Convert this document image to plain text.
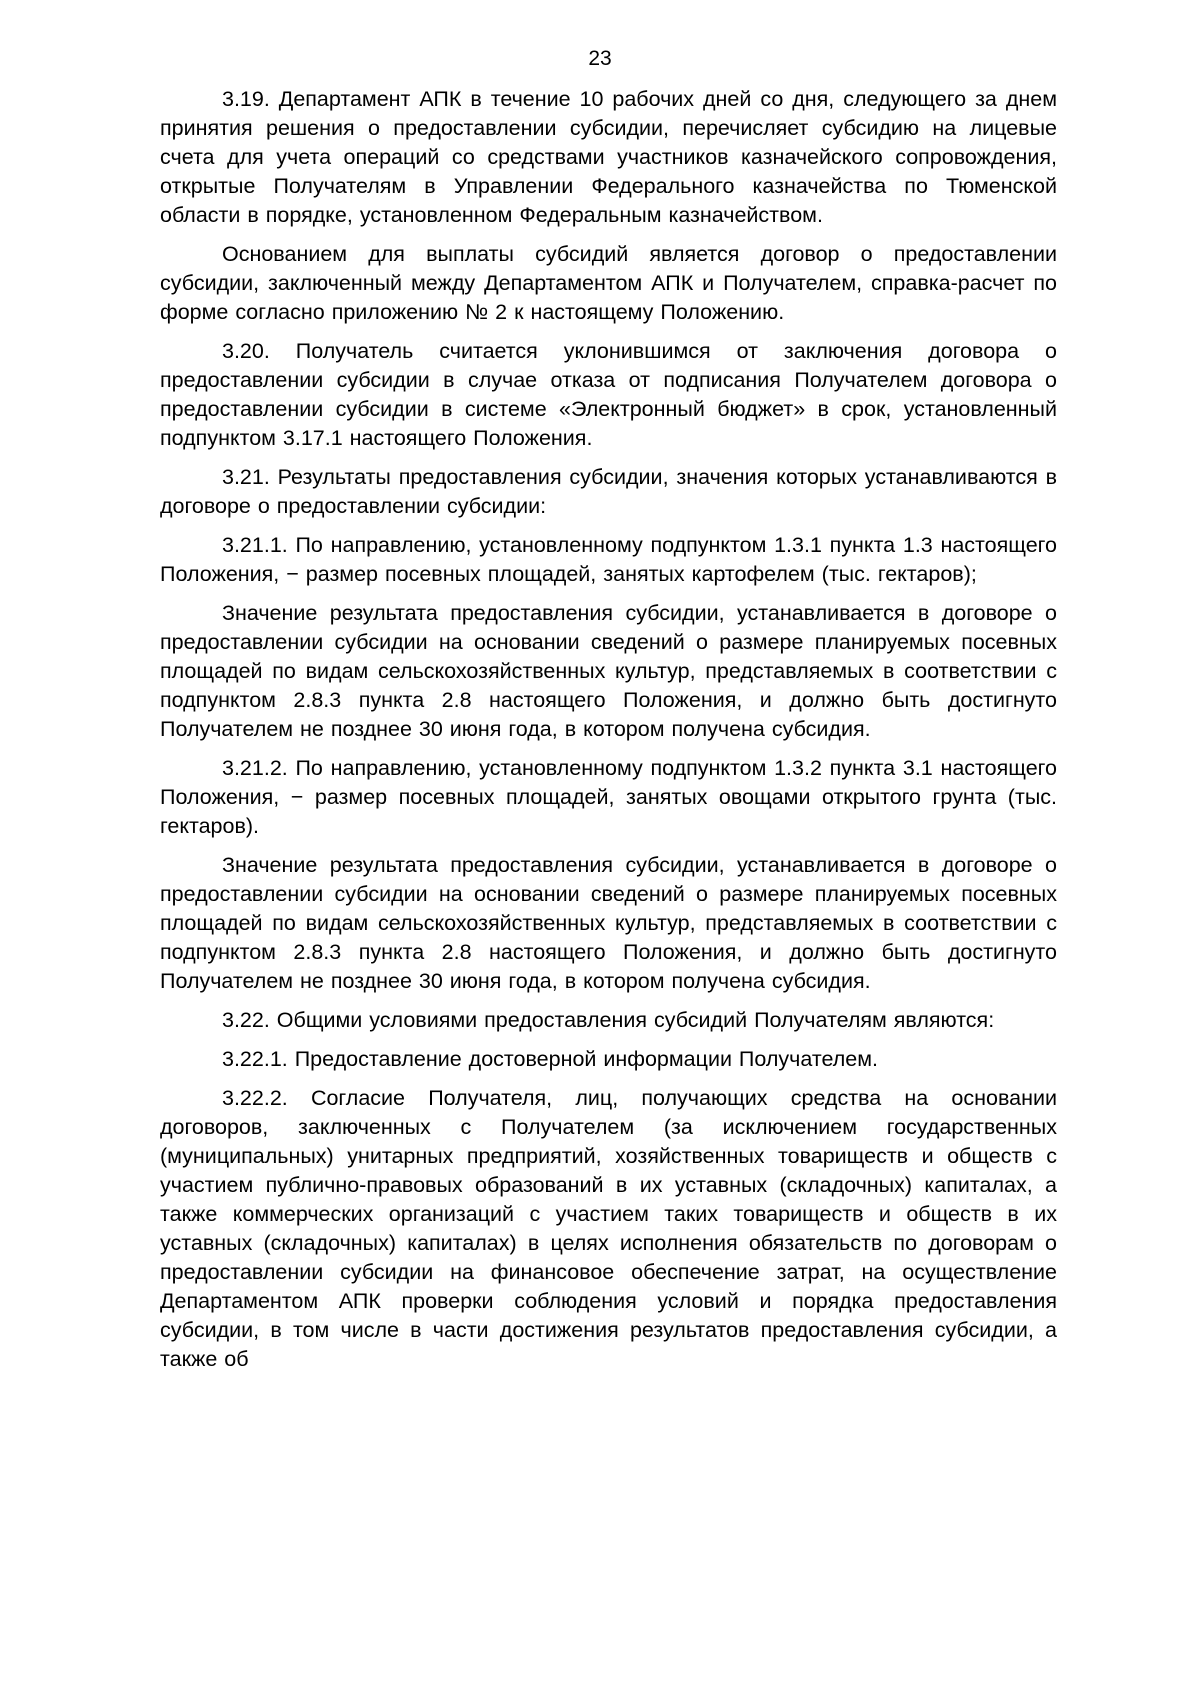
23

3.19. Департамент АПК в течение 10 рабочих дней со дня, следующего за днем принятия решения о предоставлении субсидии, перечисляет субсидию на лицевые счета для учета операций со средствами участников казначейского сопровождения, открытые Получателям в Управлении Федерального казначейства по Тюменской области в порядке, установленном Федеральным казначейством.

Основанием для выплаты субсидий является договор о предоставлении субсидии, заключенный между Департаментом АПК и Получателем, справка-расчет по форме согласно приложению № 2 к настоящему Положению.

3.20. Получатель считается уклонившимся от заключения договора о предоставлении субсидии в случае отказа от подписания Получателем договора о предоставлении субсидии в системе «Электронный бюджет» в срок, установленный подпунктом 3.17.1 настоящего Положения.

3.21. Результаты предоставления субсидии, значения которых устанавливаются в договоре о предоставлении субсидии:

3.21.1. По направлению, установленному подпунктом 1.3.1 пункта 1.3 настоящего Положения, − размер посевных площадей, занятых картофелем (тыс. гектаров);

Значение результата предоставления субсидии, устанавливается в договоре о предоставлении субсидии на основании сведений о размере планируемых посевных площадей по видам сельскохозяйственных культур, представляемых в соответствии с подпунктом 2.8.3 пункта 2.8 настоящего Положения, и должно быть достигнуто Получателем не позднее 30 июня года, в котором получена субсидия.

3.21.2. По направлению, установленному подпунктом 1.3.2 пункта 3.1 настоящего Положения, − размер посевных площадей, занятых овощами открытого грунта (тыс. гектаров).

Значение результата предоставления субсидии, устанавливается в договоре о предоставлении субсидии на основании сведений о размере планируемых посевных площадей по видам сельскохозяйственных культур, представляемых в соответствии с подпунктом 2.8.3 пункта 2.8 настоящего Положения, и должно быть достигнуто Получателем не позднее 30 июня года, в котором получена субсидия.

3.22. Общими условиями предоставления субсидий Получателям являются:

3.22.1. Предоставление достоверной информации Получателем.

3.22.2. Согласие Получателя, лиц, получающих средства на основании договоров, заключенных с Получателем (за исключением государственных (муниципальных) унитарных предприятий, хозяйственных товариществ и обществ с участием публично-правовых образований в их уставных (складочных) капиталах, а также коммерческих организаций с участием таких товариществ и обществ в их уставных (складочных) капиталах) в целях исполнения обязательств по договорам о предоставлении субсидии на финансовое обеспечение затрат, на осуществление Департаментом АПК проверки соблюдения условий и порядка предоставления субсидии, в том числе в части достижения результатов предоставления субсидии, а также об
